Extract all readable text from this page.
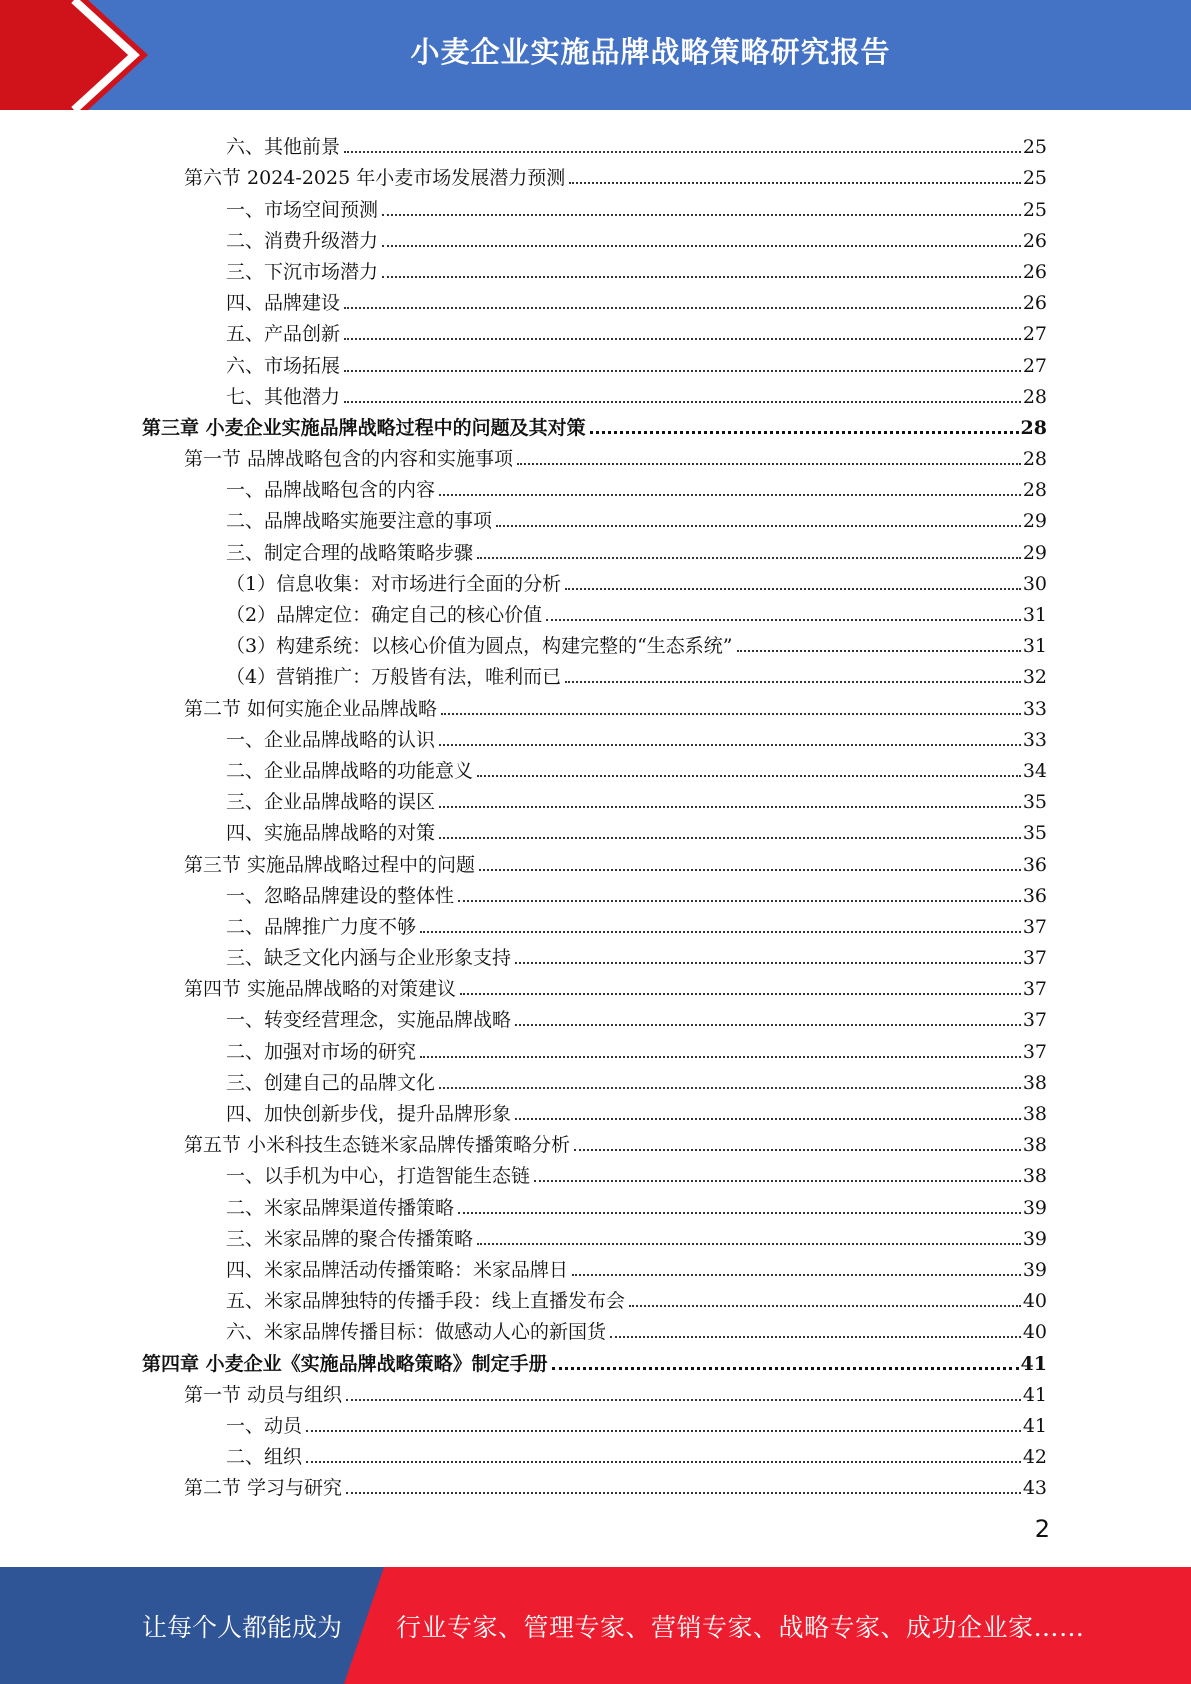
小麦企业实施品牌战略策略研究报告
六、其他前景	25
第六节 2024-2025 年小麦市场发展潜力预测	25
一、市场空间预测	25
二、消费升级潜力	26
三、下沉市场潜力	26
四、品牌建设	26
五、产品创新	27
六、市场拓展	27
七、其他潜力	28
第三章 小麦企业实施品牌战略过程中的问题及其对策	28
第一节 品牌战略包含的内容和实施事项	28
一、品牌战略包含的内容	28
二、品牌战略实施要注意的事项	29
三、制定合理的战略策略步骤	29
（1）信息收集：对市场进行全面的分析	30
（2）品牌定位：确定自己的核心价值	31
（3）构建系统：以核心价值为圆点，构建完整的“生态系统”	31
（4）营销推广：万般皆有法，唯利而已	32
第二节 如何实施企业品牌战略	33
一、企业品牌战略的认识	33
二、企业品牌战略的功能意义	34
三、企业品牌战略的误区	35
四、实施品牌战略的对策	35
第三节 实施品牌战略过程中的问题	36
一、忽略品牌建设的整体性	36
二、品牌推广力度不够	37
三、缺乏文化内涵与企业形象支持	37
第四节 实施品牌战略的对策建议	37
一、转变经营理念，实施品牌战略	37
二、加强对市场的研究	37
三、创建自己的品牌文化	38
四、加快创新步伐，提升品牌形象	38
第五节 小米科技生态链米家品牌传播策略分析	38
一、以手机为中心，打造智能生态链	38
二、米家品牌渠道传播策略	39
三、米家品牌的聚合传播策略	39
四、米家品牌活动传播策略：米家品牌日	39
五、米家品牌独特的传播手段：线上直播发布会	40
六、米家品牌传播目标：做感动人心的新国货	40
第四章 小麦企业《实施品牌战略策略》制定手册	41
第一节 动员与组织	41
一、动员	41
二、组织	42
第二节 学习与研究	43
2
让每个人都能成为 行业专家、管理专家、营销专家、战略专家、成功企业家……
